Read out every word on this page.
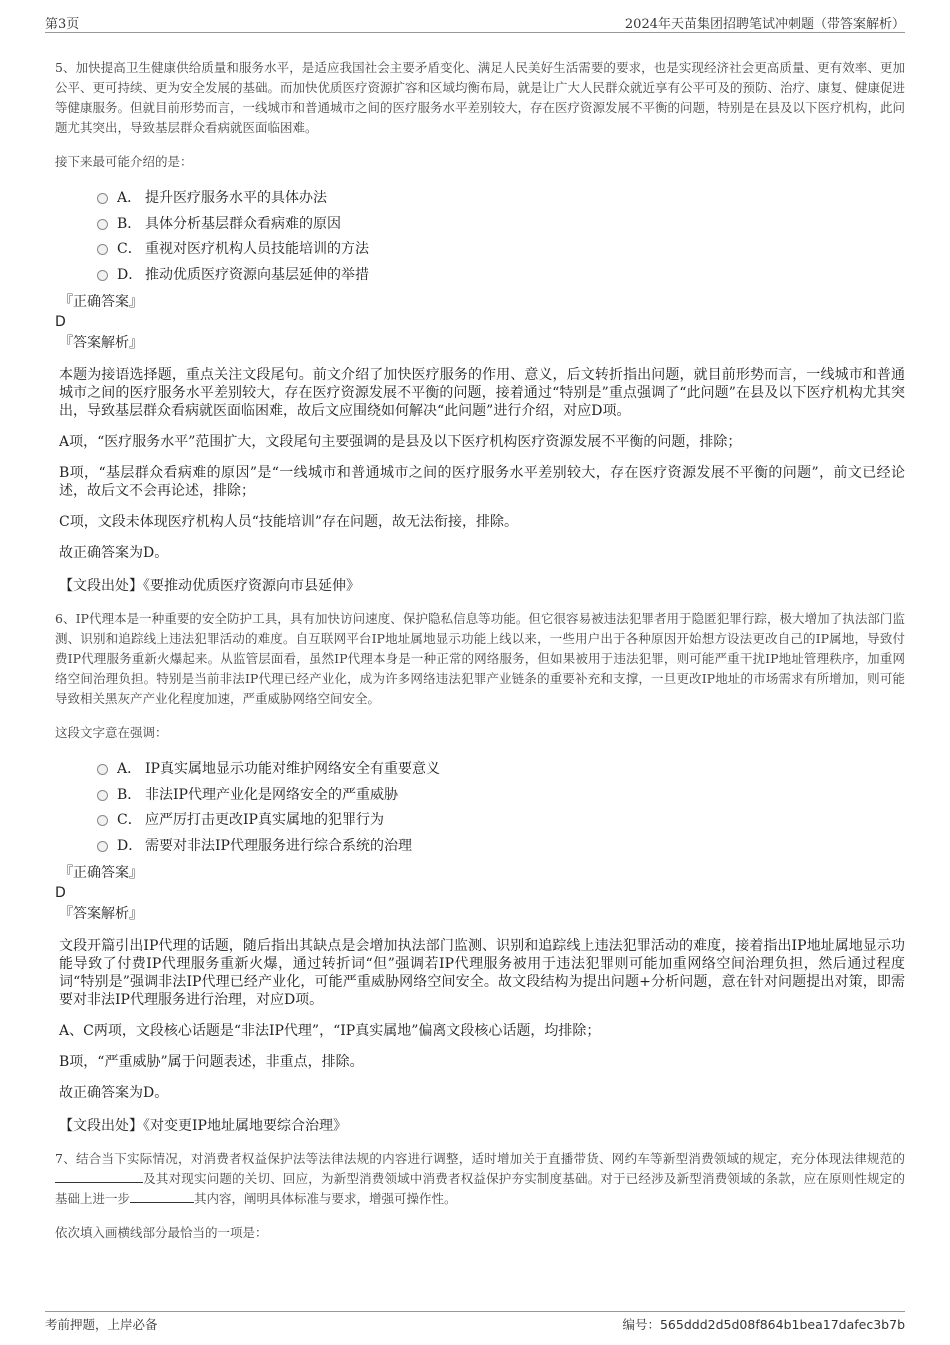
第3页	2024年天苗集团招聘笔试冲刺题（带答案解析）

5、加快提高卫生健康供给质量和服务水平，是适应我国社会主要矛盾变化、满足人民美好生活需要的要求，也是实现经济社会更高质量、更有效率、更加公平、更可持续、更为安全发展的基础。而加快优质医疗资源扩容和区域均衡布局，就是让广大人民群众就近享有公平可及的预防、治疗、康复、健康促进等健康服务。但就目前形势而言，一线城市和普通城市之间的医疗服务水平差别较大，存在医疗资源发展不平衡的问题，特别是在县及以下医疗机构，此问题尤其突出，导致基层群众看病就医面临困难。

接下来最可能介绍的是：

A． 提升医疗服务水平的具体办法
B． 具体分析基层群众看病难的原因
C． 重视对医疗机构人员技能培训的方法
D． 推动优质医疗资源向基层延伸的举措

『正确答案』

D

『答案解析』

本题为接语选择题，重点关注文段尾句。前文介绍了加快医疗服务的作用、意义，后文转折指出问题，就目前形势而言，一线城市和普通城市之间的医疗服务水平差别较大，存在医疗资源发展不平衡的问题，接着通过“特别是”重点强调了“此问题”在县及以下医疗机构尤其突出，导致基层群众看病就医面临困难，故后文应围绕如何解决“此问题”进行介绍，对应D项。

A项，“医疗服务水平”范围扩大，文段尾句主要强调的是县及以下医疗机构医疗资源发展不平衡的问题，排除；

B项，“基层群众看病难的原因”是“一线城市和普通城市之间的医疗服务水平差别较大，存在医疗资源发展不平衡的问题”，前文已经论述，故后文不会再论述，排除；

C项，文段未体现医疗机构人员“技能培训”存在问题，故无法衔接，排除。

故正确答案为D。

【文段出处】《要推动优质医疗资源向市县延伸》

6、IP代理本是一种重要的安全防护工具，具有加快访问速度、保护隐私信息等功能。但它很容易被违法犯罪者用于隐匿犯罪行踪，极大增加了执法部门监测、识别和追踪线上违法犯罪活动的难度。自互联网平台IP地址属地显示功能上线以来，一些用户出于各种原因开始想方设法更改自己的IP属地，导致付费IP代理服务重新火爆起来。从监管层面看，虽然IP代理本身是一种正常的网络服务，但如果被用于违法犯罪，则可能严重干扰IP地址管理秩序，加重网络空间治理负担。特别是当前非法IP代理已经产业化，成为许多网络违法犯罪产业链条的重要补充和支撑，一旦更改IP地址的市场需求有所增加，则可能导致相关黑灰产产业化程度加速，严重威胁网络空间安全。

这段文字意在强调：

A． IP真实属地显示功能对维护网络安全有重要意义
B． 非法IP代理产业化是网络安全的严重威胁
C． 应严厉打击更改IP真实属地的犯罪行为
D． 需要对非法IP代理服务进行综合系统的治理

『正确答案』

D

『答案解析』

文段开篇引出IP代理的话题，随后指出其缺点是会增加执法部门监测、识别和追踪线上违法犯罪活动的难度，接着指出IP地址属地显示功能导致了付费IP代理服务重新火爆，通过转折词“但”强调若IP代理服务被用于违法犯罪则可能加重网络空间治理负担，然后通过程度词“特别是”强调非法IP代理已经产业化，可能严重威胁网络空间安全。故文段结构为提出问题+分析问题，意在针对问题提出对策，即需要对非法IP代理服务进行治理，对应D项。

A、C两项，文段核心话题是“非法IP代理”，“IP真实属地”偏离文段核心话题，均排除；

B项，“严重威胁”属于问题表述，非重点，排除。

故正确答案为D。

【文段出处】《对变更IP地址属地要综合治理》

7、结合当下实际情况，对消费者权益保护法等法律法规的内容进行调整，适时增加关于直播带货、网约车等新型消费领域的规定，充分体现法律规范的及其对现实问题的关切、回应，为新型消费领域中消费者权益保护夯实制度基础。对于已经涉及新型消费领域的条款，应在原则性规定的基础上进一步	其内容，阐明具体标准与要求，增强可操作性。

依次填入画横线部分最恰当的一项是：

考前押题，上岸必备	编号：565ddd2d5d08f864b1bea17dafec3b7b
